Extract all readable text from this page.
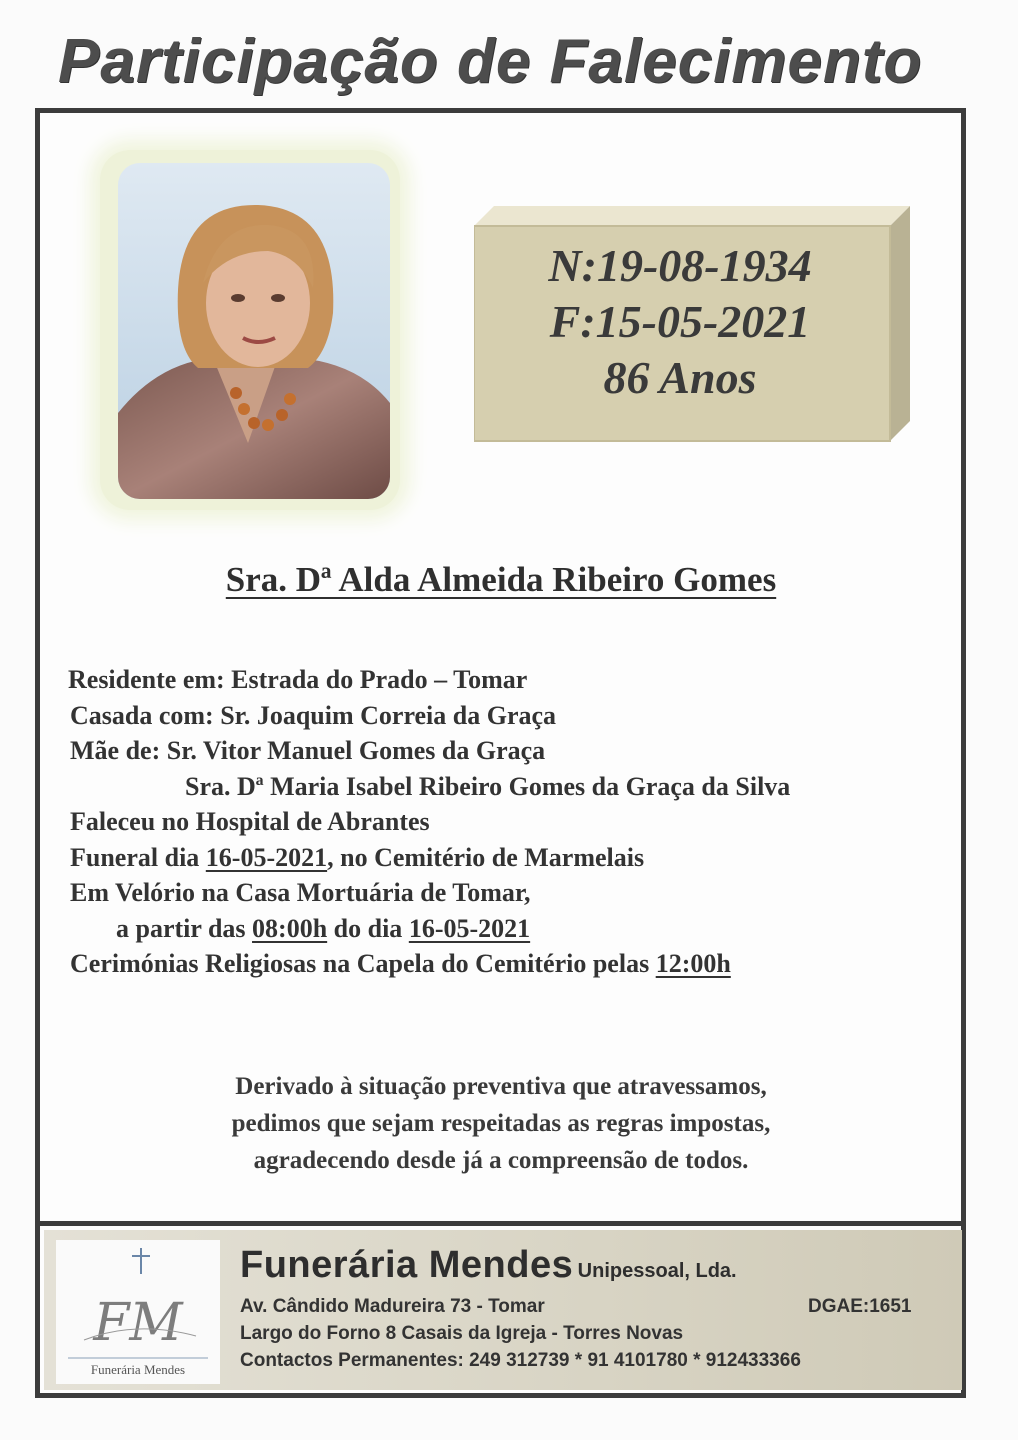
Participação de Falecimento
N:19-08-1934
F:15-05-2021
86 Anos
Sra. Dª Alda Almeida Ribeiro Gomes
Residente em: Estrada do Prado – Tomar
Casada com: Sr. Joaquim Correia da Graça
Mãe de: Sr. Vitor Manuel Gomes da Graça
Sra. Dª Maria Isabel Ribeiro Gomes da Graça da Silva
Faleceu no Hospital de Abrantes
Funeral dia 16-05-2021, no Cemitério de Marmelais
Em Velório na Casa Mortuária de Tomar,
a partir das 08:00h do dia 16-05-2021
Cerimónias Religiosas na Capela do Cemitério pelas 12:00h
Derivado à situação preventiva que atravessamos,
pedimos que sejam respeitadas as regras impostas,
agradecendo desde já a compreensão de todos.
FM
Funerária Mendes
Funerária Mendes Unipessoal, Lda.
Av. Cândido Madureira 73 - Tomar	DGAE:1651
Largo do Forno 8 Casais da Igreja - Torres Novas
Contactos Permanentes: 249 312739 * 91 4101780 * 912433366
